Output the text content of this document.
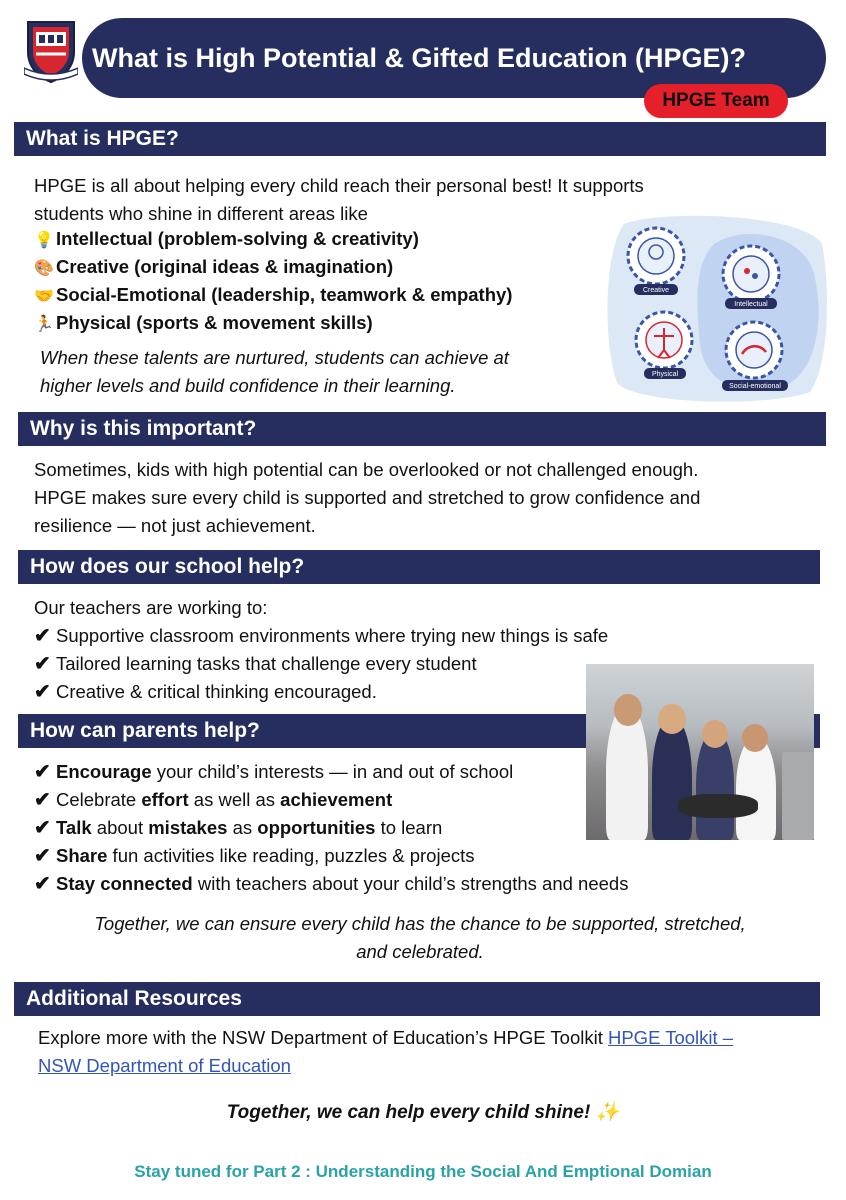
What is High Potential & Gifted Education (HPGE)?
HPGE Team
What is HPGE?
HPGE is all about helping every child reach their personal best! It supports
students who shine in different areas like
💡 Intellectual (problem-solving & creativity)
🎨 Creative (original ideas & imagination)
🤝 Social-Emotional (leadership, teamwork & empathy)
🏃 Physical (sports & movement skills)
When these talents are nurtured, students can achieve at
higher levels and build confidence in their learning.
Creative
Intellectual
Physical
Social-emotional
Why is this important?
Sometimes, kids with high potential can be overlooked or not challenged enough.
HPGE makes sure every child is supported and stretched to grow confidence and
resilience — not just achievement.
How does our school help?
Our teachers are working to:
✔ Supportive classroom environments where trying new things is safe
✔ Tailored learning tasks that challenge every student
✔ Creative & critical thinking encouraged.
How can parents help?
✔ Encourage your child’s interests — in and out of school
✔ Celebrate effort as well as achievement
✔ Talk about mistakes as opportunities to learn
✔ Share fun activities like reading, puzzles & projects
✔ Stay connected with teachers about your child’s strengths and needs
Together, we can ensure every child has the chance to be supported, stretched,
and celebrated.
Additional Resources
Explore more with the NSW Department of Education’s HPGE Toolkit HPGE Toolkit –
NSW Department of Education
Together, we can help every child shine! ✨
Stay tuned for Part 2 : Understanding the Social And Emptional Domian
